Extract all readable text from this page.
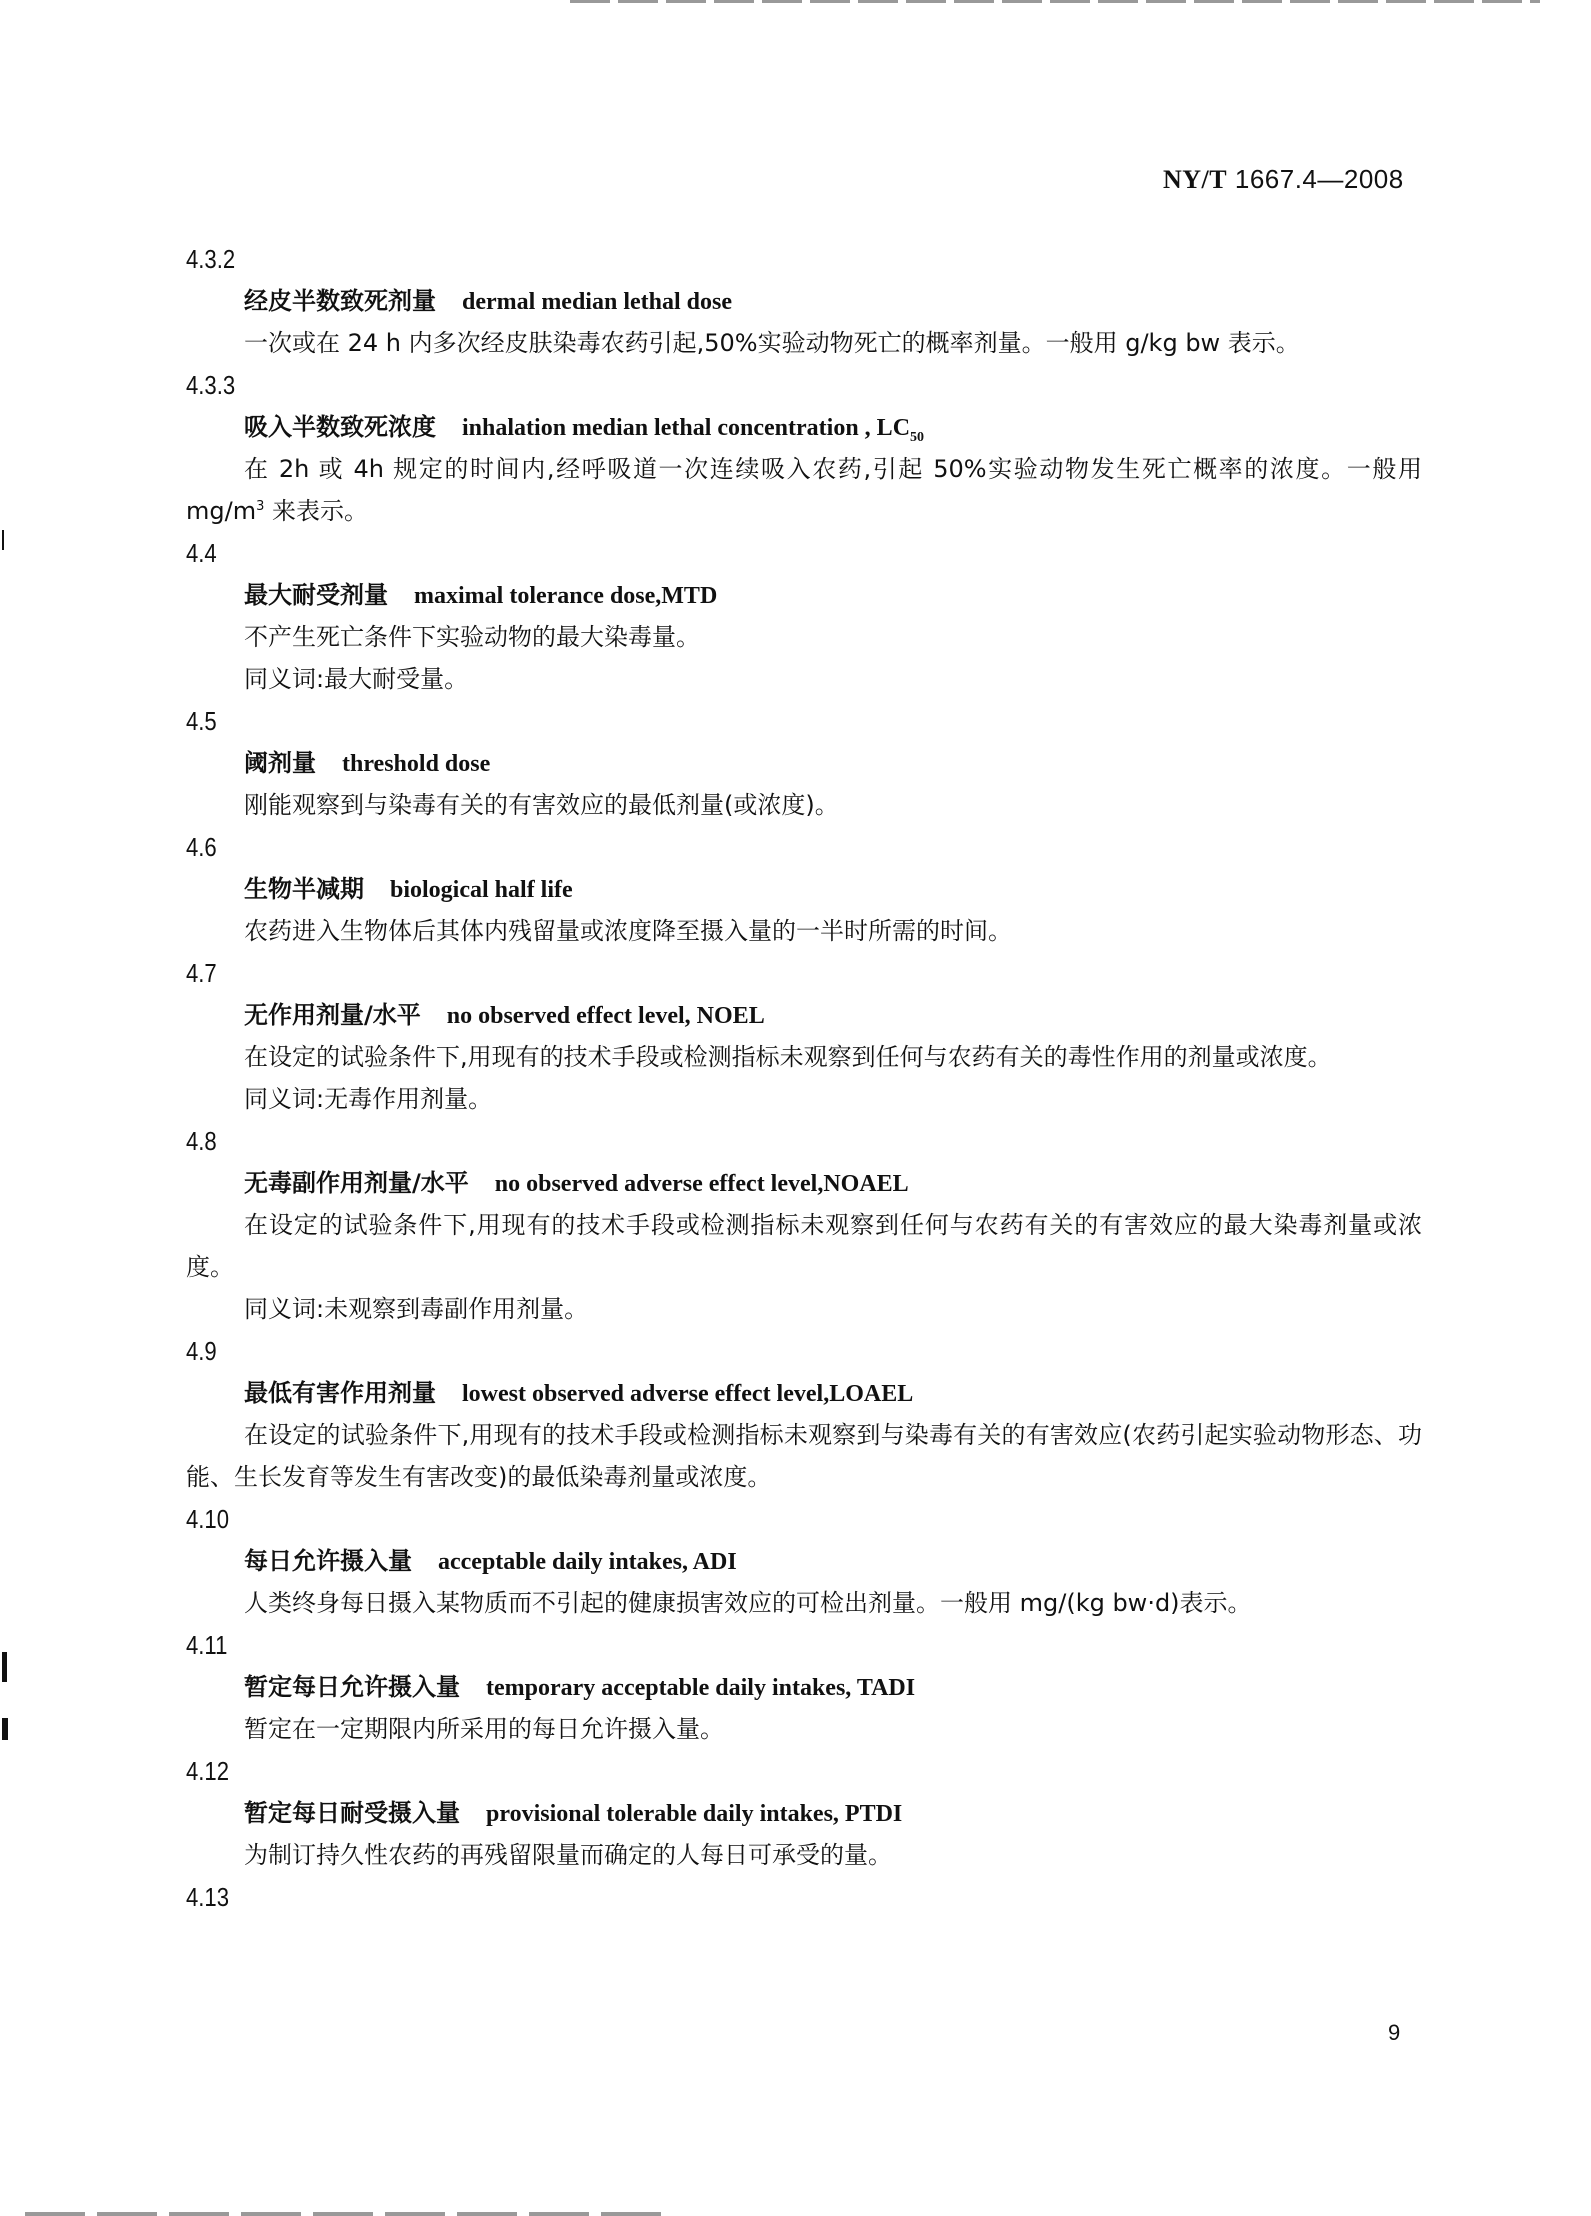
NY/T 1667.4—2008
4.3.2
经皮半数致死剂量 dermal median lethal dose
一次或在 24 h 内多次经皮肤染毒农药引起,50%实验动物死亡的概率剂量。一般用 g/kg bw 表示。
4.3.3
吸入半数致死浓度 inhalation median lethal concentration , $LC_{50}$
在 2h 或 4h 规定的时间内,经呼吸道一次连续吸入农药,引起 50%实验动物发生死亡概率的浓度。一般用 $mg/m^3$ 来表示。
4.4
最大耐受剂量 maximal tolerance dose,MTD
不产生死亡条件下实验动物的最大染毒量。
同义词:最大耐受量。
4.5
阈剂量 threshold dose
刚能观察到与染毒有关的有害效应的最低剂量(或浓度)。
4.6
生物半减期 biological half life
农药进入生物体后其体内残留量或浓度降至摄入量的一半时所需的时间。
4.7
无作用剂量/水平 no observed effect level, NOEL
在设定的试验条件下,用现有的技术手段或检测指标未观察到任何与农药有关的毒性作用的剂量或浓度。
同义词:无毒作用剂量。
4.8
无毒副作用剂量/水平 no observed adverse effect level,NOAEL
在设定的试验条件下,用现有的技术手段或检测指标未观察到任何与农药有关的有害效应的最大染毒剂量或浓度。
同义词:未观察到毒副作用剂量。
4.9
最低有害作用剂量 lowest observed adverse effect level,LOAEL
在设定的试验条件下,用现有的技术手段或检测指标未观察到与染毒有关的有害效应(农药引起实验动物形态、功能、生长发育等发生有害改变)的最低染毒剂量或浓度。
4.10
每日允许摄入量 acceptable daily intakes, ADI
人类终身每日摄入某物质而不引起的健康损害效应的可检出剂量。一般用 mg/(kg bw·d)表示。
4.11
暂定每日允许摄入量 temporary acceptable daily intakes, TADI
暂定在一定期限内所采用的每日允许摄入量。
4.12
暂定每日耐受摄入量 provisional tolerable daily intakes, PTDI
为制订持久性农药的再残留限量而确定的人每日可承受的量。
4.13
9
